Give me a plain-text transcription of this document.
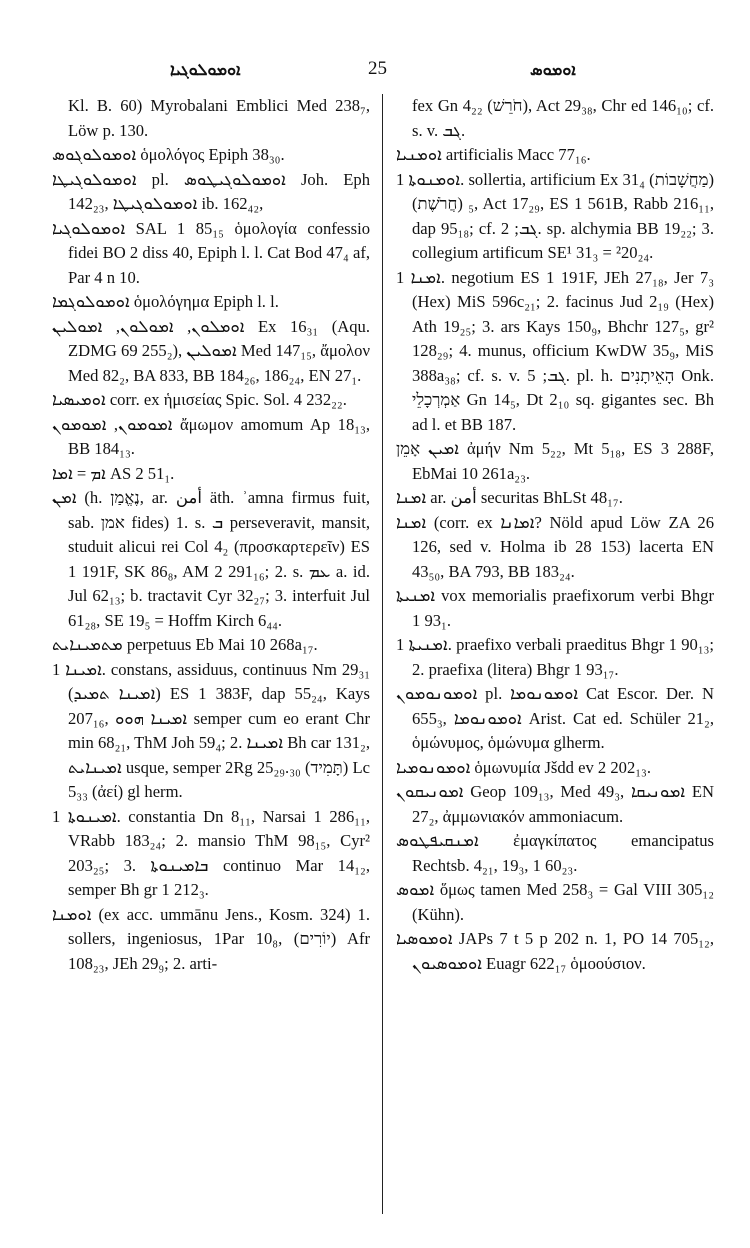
ܐܘܡܘܠܘܓܝܐ	25	ܐܘܡܘܣ

Kl. B. 60) Myrobalani Emblici Med 238₇, Löw p. 130.

ܐܘܡܘܠܘܓܘܣ ὁμολόγος Epiph 38₃₀.

ܐܘܡܘܠܘܓܝܛܐ pl. ܐܘܡܘܠܘܓܝܛܘܣ Joh. Eph 142₂₃, ܐܘܡܘܠܘܓܝܛܐ ib. 162₄₂,

ܐܘܡܘܠܘܓܝܐ SAL 1 85₁₅ ὁμολογία confessio fidei BO 2 diss 40, Epiph l. l. Cat Bod 47₄ af, Par 4 n 10.

ܐܘܡܘܠܘܓܡܐ ὁμολόγημα Epiph l. l.

ܐܘܡܠܘܢ, ܐܡܘܠܘܢ, ܐܡܘܠܝܢ Ex 16₃₁ (Aqu. ZDMG 69 255₂), ܐܡܘܠܝܢ Med 147₁₅, ἄμολον Med 82₂, BA 833, BB 184₂₆, 186₂₄, EN 27₁.

ܐܘܡܝܣܝܐ corr. ex ἡμισείας Spic. Sol. 4 232₂₂.

ܐܡܘܡܘܢ, ܐܡܘܡܘܢ ἄμωμον amomum Ap 18₁₃, BB 184₁₃.

ܐܡ = ܐܡܐ AS 2 51₁.

ܐܡܢ (h. נֶאֱמַן, ar. أمن äth. ʾamna firmus fuit, sab. אמן fides) 1. s. ܒ perseveravit, mansit, studuit alicui rei Col 4₂ (προσκαρτερεῖν) ES 1 191F, SK 86₈, AM 2 291₁₆; 2. s. ܥܡ a. id. Jul 62₁₃; b. tractavit Cyr 32₂₇; 3. interfuit Jul 61₂₈, SE 19₅ = Hoffm Kirch 6₄₄.

ܡܬܡܝܢܐܝܬ perpetuus Eb Mai 10 268a₁₇.

ܐܡܝܢܐ 1. constans, assiduus, continuus Nm 29₃₁ (ܐܡܝܢܐ ܬܡܝܕ) ES 1 383F, dap 55₂₄, Kays 207₁₆, ܐܡܝܢܐ ܗܘܘ semper cum eo erant Chr min 68₂₁, ThM Joh 59₄; 2. ܐܡܝܢܐ Bh car 131₂, ܐܡܝܢܐܝܬ usque, semper 2Rg 25₂₉.₃₀ (תָּמִיד) Lc 5₃₃ (ἀεί) gl herm.

ܐܡܝܢܘܬܐ 1. constantia Dn 8₁₁, Narsai 1 286₁₁, VRabb 183₂₄; 2. mansio ThM 98₁₅, Cyr² 203₂₅; 3. ܒܐܡܝܢܘܬܐ continuo Mar 14₁₂, semper Bh gr 1 212₃.

ܐܘܡܢܐ (ex acc. ummānu Jens., Kosm. 324) 1. sollers, ingeniosus, 1Par 10₈, (יוֹרִים) Afr 108₂₃, JEh 29₉; 2. arti-

fex Gn 4₂₂ (חֹרֵשׁ), Act 29₃₈, Chr ed 146₁₀; cf. s. v. ܓܒ.

ܐܘܡܢܝܐ artificialis Macc 77₁₆.

ܐܘܡܢܘܬܐ 1. sollertia, artificium Ex 31₄ (מַחֲשָׁבוֹת) ₅ (חֲרֹשֶׁת), Act 17₂₉, ES 1 561B, Rabb 216₁₁, dap 95₁₈; cf. ܓܒ; 2. sp. alchymia BB 19₂₂; 3. collegium artificum SE¹ 31₃ = ²20₂₄.

ܐܡܢܐ 1. negotium ES 1 191F, JEh 27₁₈, Jer 7₃ (Hex) MiS 596c₂₁; 2. facinus Jud 2₁₉ (Hex) Ath 19₂₅; 3. ars Kays 150₉, Bhchr 127₅, gr² 128₂₉; 4. munus, officium KwDW 35₉, MiS 388a₃₈; cf. s. v. ܓܒ; 5. pl. h. הָאֵיתָנִים Onk. אַמְרְכָלֵי Gn 14₅, Dt 2₁₀ sq. gigantes sec. Bh ad l. et BB 187.

ܐܡܝܢ אָמֵן ἀμήν Nm 5₂₂, Mt 5₁₈, ES 3 288F, EbMai 10 261a₂₃.

ܐܡܢܐ ar. أمن securitas BhLSt 48₁₇.

ܐܡܢܐ (corr. ex ܐܡܐܢܐ? Nöld apud Löw ZA 26 126, sed v. Holma ib 28 153) lacerta EN 43₅₀, BA 793, BB 183₂₄.

ܐܡܢܝܬܐ vox memorialis praefixorum verbi Bhgr 1 93₁.

ܐܡܢܝܬܐ 1. praefixo verbali praeditus Bhgr 1 90₁₃; 2. praefixa (litera) Bhgr 1 93₁₇.

ܐܘܡܘܢܘܡܘܢ pl. ܐܘܡܘܢܘܡܐ Cat Escor. Der. N 655₃, ܐܘܡܘܢܘܡܐ Arist. Cat ed. Schüler 21₂, ὁμώνυμος, ὁμώνυμα glherm.

ܐܘܡܘܢܘܡܝܐ ὁμωνυμία Jšdd ev 2 202₁₃.

ܐܡܘܢܝܩܘܢ Geop 109₁₃, Med 49₃, ܐܡܘܢܝܩܐ EN 27₂, ἀμμωνιακόν ammoniacum.

ܐܡܢܩܝܦܛܘܣ ἐμαγκίπατος emancipatus Rechtsb. 4₂₁, 19₃, 1 60₂₃.

ܐܡܘܣ ὅμως tamen Med 258₃ = Gal VIII 305₁₂ (Kühn).

ܐܘܡܘܣܝܐ JAPs 7 t 5 p 202 n. 1, PO 14 705₁₂, ܐܘܡܘܣܝܘܢ Euagr 622₁₇ ὁμοούσιον.
